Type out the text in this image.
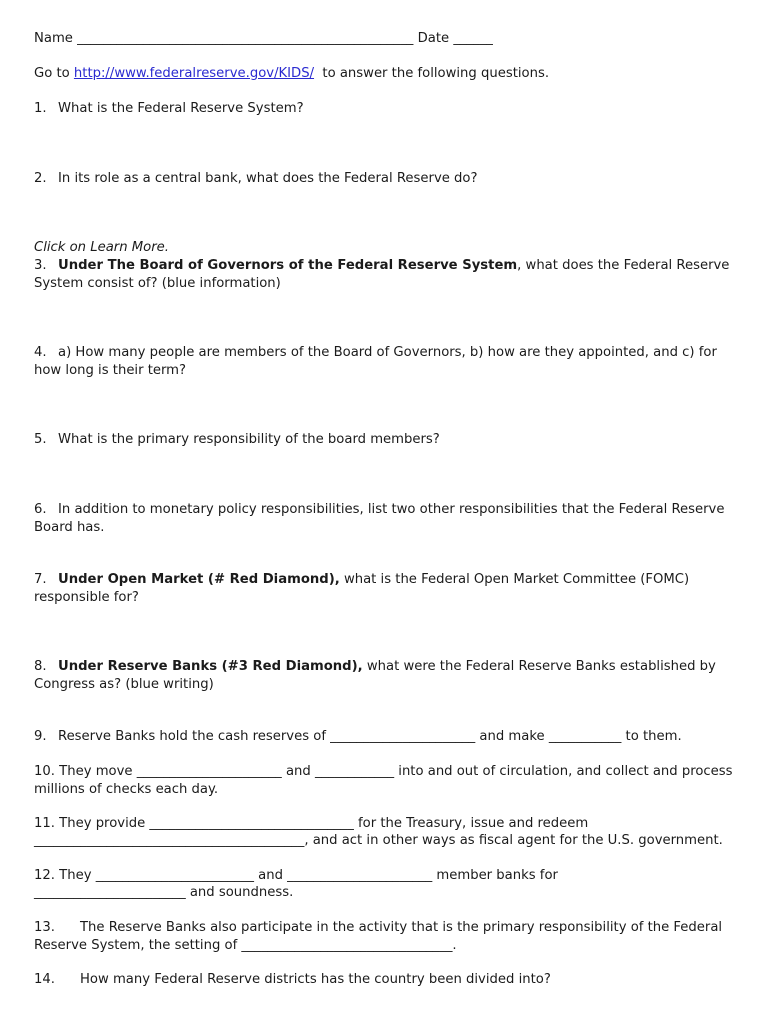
Name ___________________________________________________ Date ______
Go to http://www.federalreserve.gov/KIDS/  to answer the following questions.
1. What is the Federal Reserve System?
2. In its role as a central bank, what does the Federal Reserve do?
Click on Learn More.
3. Under The Board of Governors of the Federal Reserve System, what does the Federal Reserve System consist of? (blue information)
4. a) How many people are members of the Board of Governors, b) how are they appointed, and c) for how long is their term?
5. What is the primary responsibility of the board members?
6. In addition to monetary policy responsibilities, list two other responsibilities that the Federal Reserve Board has.
7. Under Open Market (# Red Diamond), what is the Federal Open Market Committee (FOMC) responsible for?
8. Under Reserve Banks (#3 Red Diamond), what were the Federal Reserve Banks established by Congress as? (blue writing)
9. Reserve Banks hold the cash reserves of ______________________ and make ___________ to them.
10. They move ______________________ and ____________ into and out of circulation, and collect and process millions of checks each day.
11. They provide _______________________________ for the Treasury, issue and redeem
_________________________________________, and act in other ways as fiscal agent for the U.S. government.
12. They ________________________ and ______________________ member banks for
_______________________ and soundness.
13. The Reserve Banks also participate in the activity that is the primary responsibility of the Federal Reserve System, the setting of ________________________________.
14. How many Federal Reserve districts has the country been divided into?
